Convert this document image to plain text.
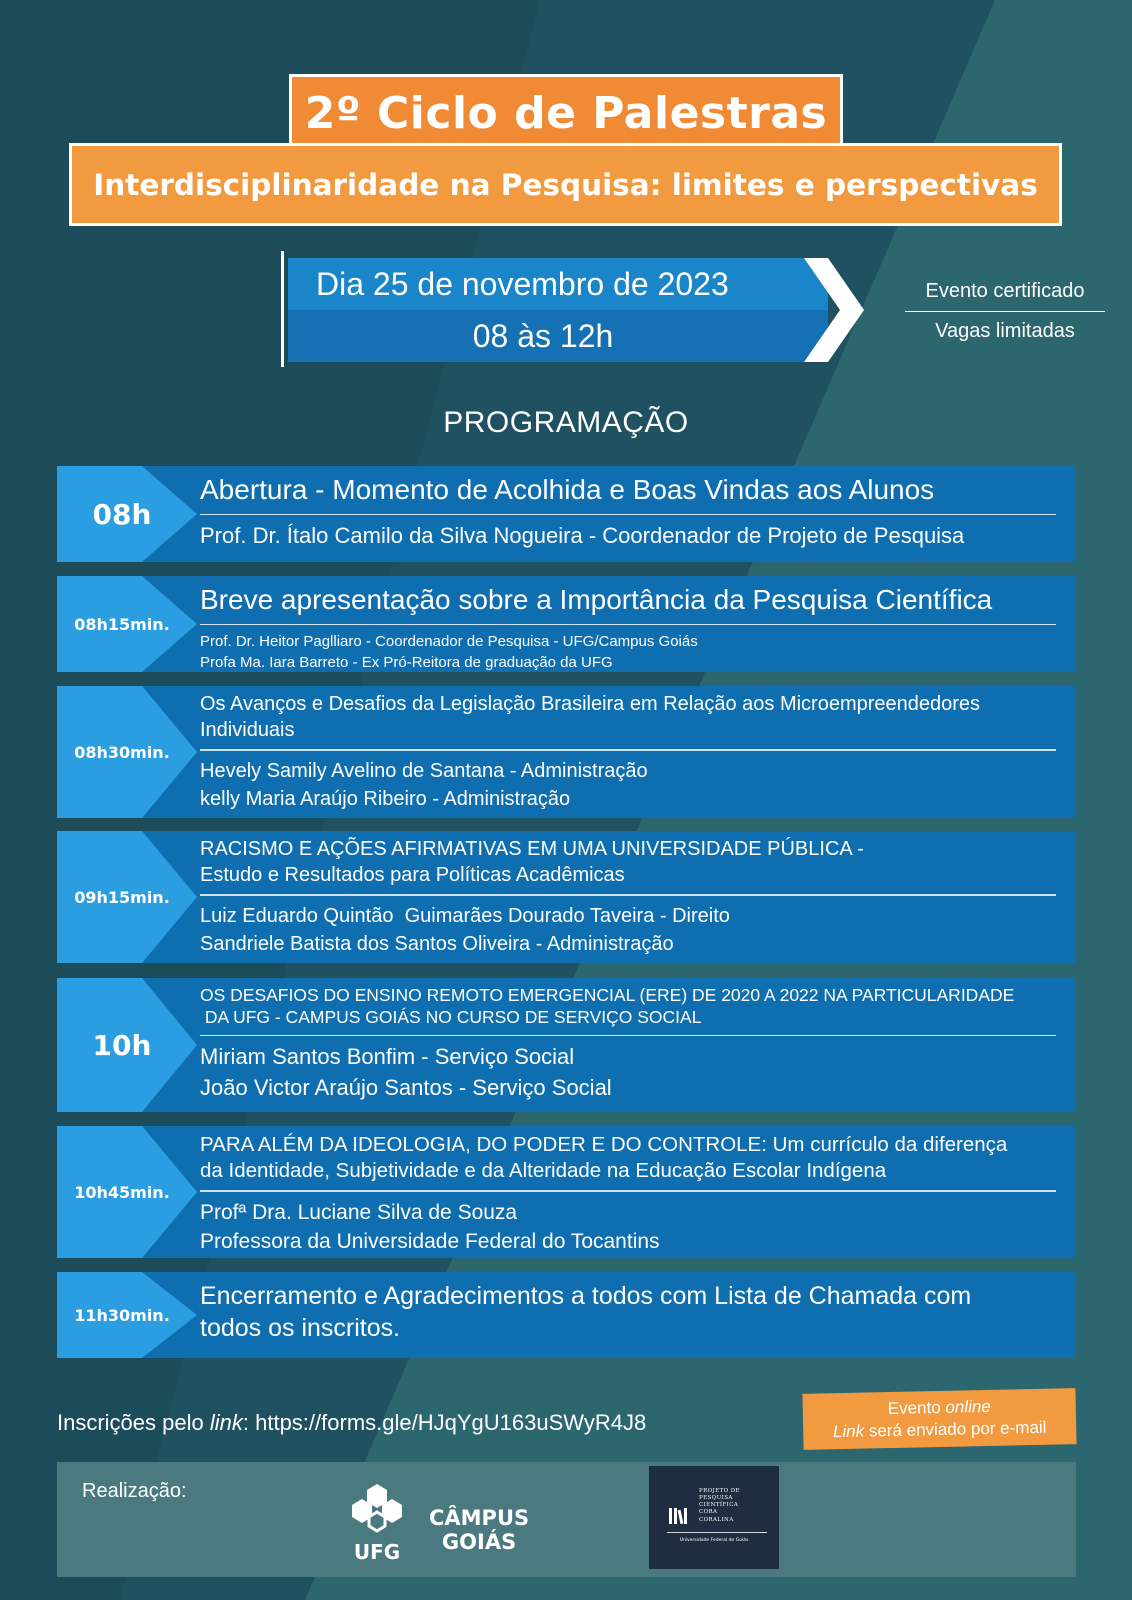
2º Ciclo de Palestras
Interdisciplinaridade na Pesquisa: limites e perspectivas
Dia 25 de novembro de 2023
08 às 12h
Evento certificado
Vagas limitadas
PROGRAMAÇÃO
08h
Abertura - Momento de Acolhida e Boas Vindas aos Alunos
Prof. Dr. Ítalo Camilo da Silva Nogueira - Coordenador de Projeto de Pesquisa
08h15min.
Breve apresentação sobre a Importância da Pesquisa Científica
Prof. Dr. Heitor Paglliaro - Coordenador de Pesquisa - UFG/Campus Goiás
Profa Ma. Iara Barreto - Ex Pró-Reitora de graduação da UFG
08h30min.
Os Avanços e Desafios da Legislação Brasileira em Relação aos Microempreendedores
Individuais
Hevely Samily Avelino de Santana - Administração
kelly Maria Araújo Ribeiro - Administração
09h15min.
RACISMO E AÇÕES AFIRMATIVAS EM UMA UNIVERSIDADE PÚBLICA -
Estudo e Resultados para Políticas Acadêmicas
Luiz Eduardo Quintão  Guimarães Dourado Taveira - Direito
Sandriele Batista dos Santos Oliveira - Administração
10h
OS DESAFIOS DO ENSINO REMOTO EMERGENCIAL (ERE) DE 2020 A 2022 NA PARTICULARIDADE
DA UFG - CAMPUS GOIÁS NO CURSO DE SERVIÇO SOCIAL
Miriam Santos Bonfim - Serviço Social
João Victor Araújo Santos - Serviço Social
10h45min.
PARA ALÉM DA IDEOLOGIA, DO PODER E DO CONTROLE: Um currículo da diferença
da Identidade, Subjetividade e da Alteridade na Educação Escolar Indígena
Profª Dra. Luciane Silva de Souza
Professora da Universidade Federal do Tocantins
11h30min.
Encerramento e Agradecimentos a todos com Lista de Chamada com
todos os inscritos.
Inscrições pelo link: https://forms.gle/HJqYgU163uSWyR4J8
Evento online
Link será enviado por e-mail
Realização:
UFG
CÂMPUS
GOIÁS
PROJETO DE
PESQUISA
CIENTÍFICA
CORA
CORALINA
Universidade Federal de Goiás
